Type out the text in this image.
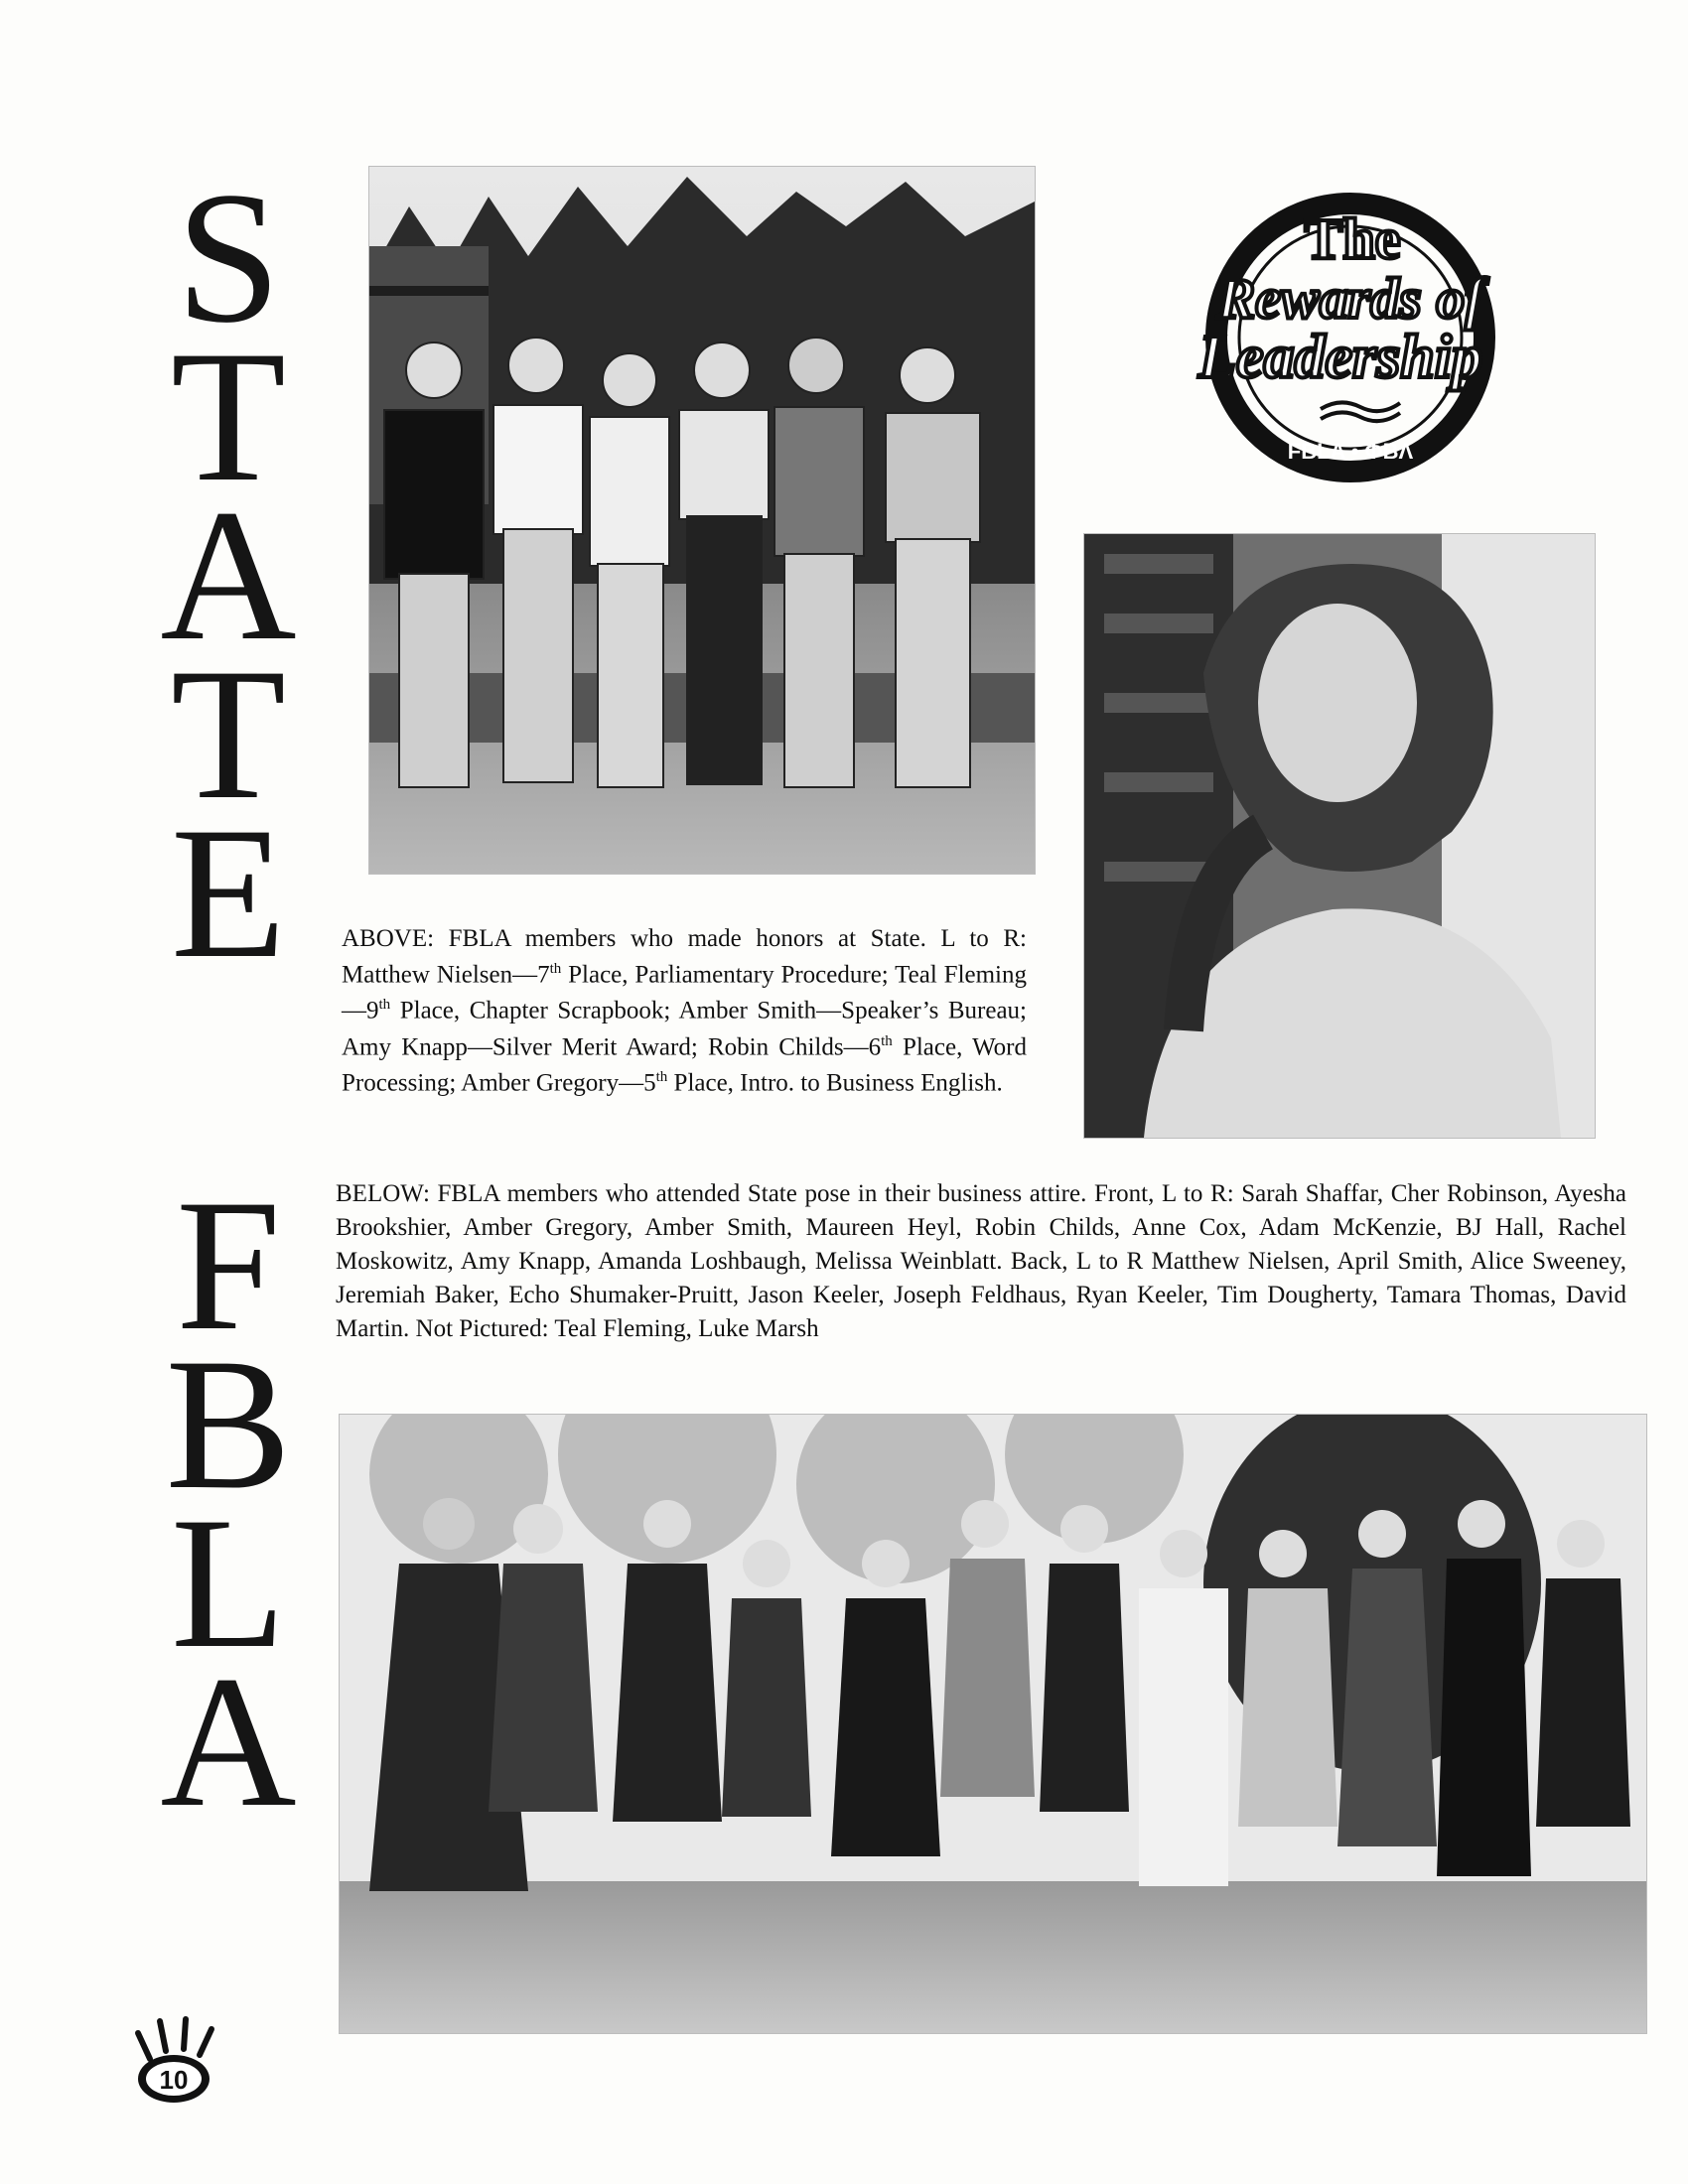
S
T
A
T
E
F
B
L
A
The
Rewards of
Leadership
FBLA • ΦΒΛ
ABOVE: FBLA members who made honors at State. L to R: Matthew Nielsen—7th Place, Parliamentary Procedure; Teal Fleming—9th Place, Chapter Scrapbook; Amber Smith—Speaker’s Bureau; Amy Knapp—Silver Merit Award; Robin Childs—6th Place, Word Processing; Amber Gregory—5th Place, Intro. to Business English.
BELOW: FBLA members who attended State pose in their business attire. Front, L to R: Sarah Shaffar, Cher Robinson, Ayesha Brookshier, Amber Gregory, Amber Smith, Maureen Heyl, Robin Childs, Anne Cox, Adam McKenzie, BJ Hall, Rachel Moskowitz, Amy Knapp, Amanda Loshbaugh, Melissa Weinblatt. Back, L to R Matthew Nielsen, April Smith, Alice Sweeney, Jeremiah Baker, Echo Shumaker-Pruitt, Jason Keeler, Joseph Feldhaus, Ryan Keeler, Tim Dougherty, Tamara Thomas, David Martin. Not Pictured: Teal Fleming, Luke Marsh
10
